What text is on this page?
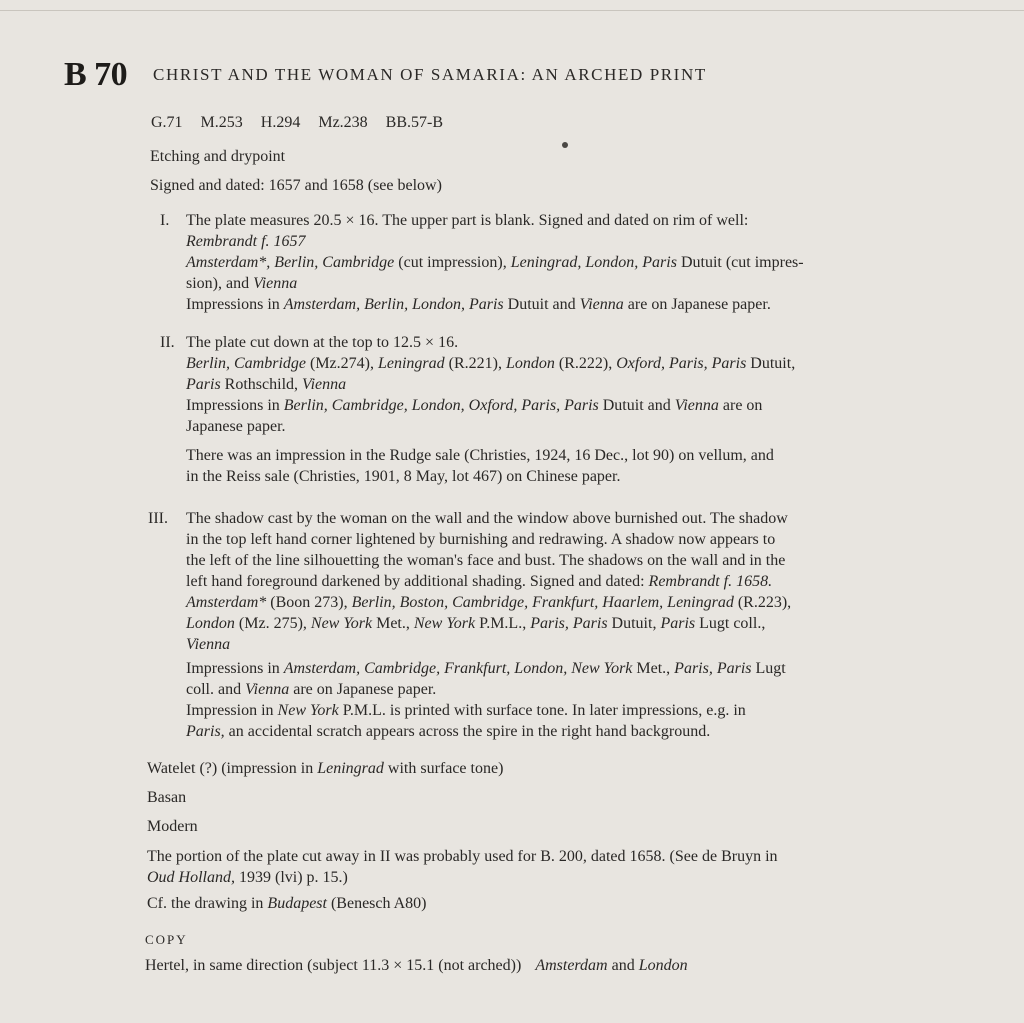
B 70 CHRIST AND THE WOMAN OF SAMARIA: AN ARCHED PRINT
G.71 M.253 H.294 Mz.238 BB.57-B
Etching and drypoint
Signed and dated: 1657 and 1658 (see below)
I. The plate measures 20.5 × 16. The upper part is blank. Signed and dated on rim of well:

Rembrandt f. 1657

Amsterdam*, Berlin, Cambridge (cut impression), Leningrad, London, Paris Dutuit (cut impres-

sion), and Vienna

Impressions in Amsterdam, Berlin, London, Paris Dutuit and Vienna are on Japanese paper.

II. The plate cut down at the top to 12.5 × 16.

Berlin, Cambridge (Mz.274), Leningrad (R.221), London (R.222), Oxford, Paris, Paris Dutuit,

Paris Rothschild, Vienna

Impressions in Berlin, Cambridge, London, Oxford, Paris, Paris Dutuit and Vienna are on

Japanese paper.

There was an impression in the Rudge sale (Christies, 1924, 16 Dec., lot 90) on vellum, and

in the Reiss sale (Christies, 1901, 8 May, lot 467) on Chinese paper.

III. The shadow cast by the woman on the wall and the window above burnished out. The shadow

in the top left hand corner lightened by burnishing and redrawing. A shadow now appears to

the left of the line silhouetting the woman's face and bust. The shadows on the wall and in the

left hand foreground darkened by additional shading. Signed and dated: Rembrandt f. 1658.

Amsterdam* (Boon 273), Berlin, Boston, Cambridge, Frankfurt, Haarlem, Leningrad (R.223),

London (Mz. 275), New York Met., New York P.M.L., Paris, Paris Dutuit, Paris Lugt coll.,

Vienna

Impressions in Amsterdam, Cambridge, Frankfurt, London, New York Met., Paris, Paris Lugt

coll. and Vienna are on Japanese paper.

Impression in New York P.M.L. is printed with surface tone. In later impressions, e.g. in

Paris, an accidental scratch appears across the spire in the right hand background.

Watelet (?) (impression in Leningrad with surface tone)
Basan
Modern
The portion of the plate cut away in II was probably used for B. 200, dated 1658. (See de Bruyn in
Oud Holland, 1939 (lvi) p. 15.)
Cf. the drawing in Budapest (Benesch A80)
COPY
Hertel, in same direction (subject 11.3 × 15.1 (not arched)) Amsterdam and London
